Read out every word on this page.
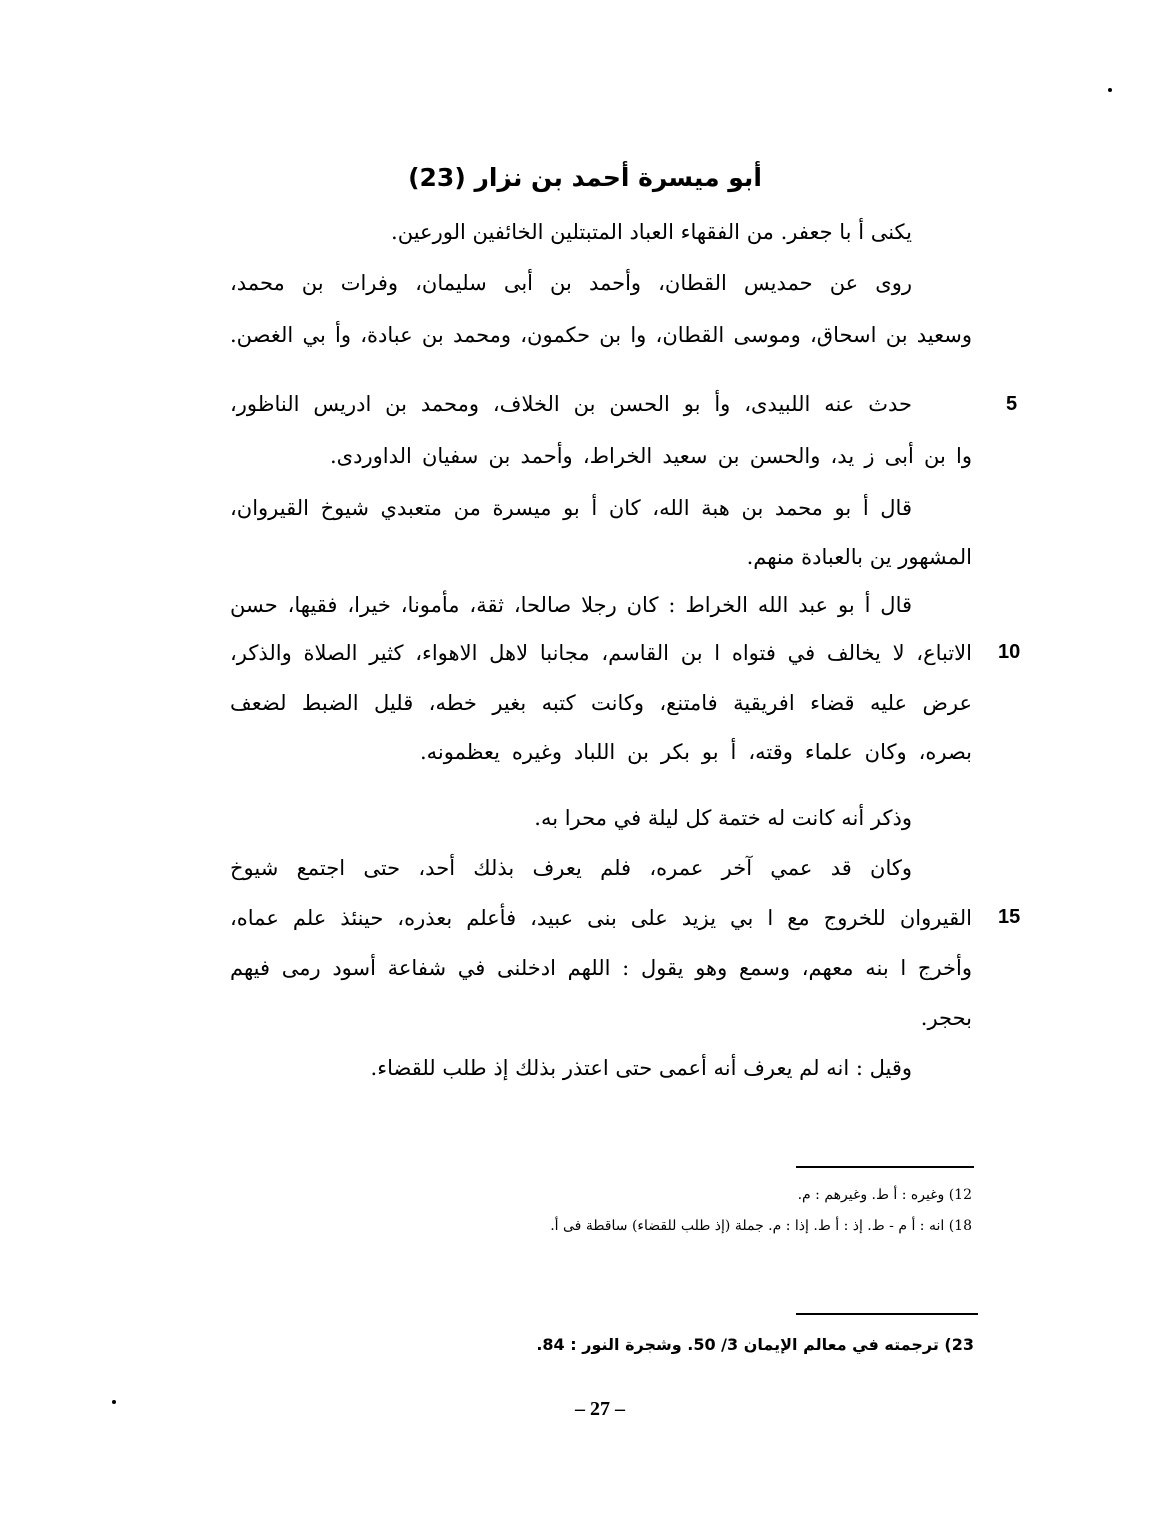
أبو ميسرة أحمد بن نزار (23)
يكنى أ با جعفر. من الفقهاء العباد المتبتلين الخائفين الورعين.
روى عن حمديس القطان، وأحمد بن أبى سليمان، وفرات بن محمد،
وسعيد بن اسحاق، وموسى القطان، وا بن حكمون، ومحمد بن عبادة، وأ بي الغصن.
حدث عنه اللبيدى، وأ بو الحسن بن الخلاف، ومحمد بن ادريس الناظور،
وا بن أبى ز يد، والحسن بن سعيد الخراط، وأحمد بن سفيان الداوردى.
قال أ بو محمد بن هبة الله، كان أ بو ميسرة من متعبدي شيوخ القيروان،
المشهور ين بالعبادة منهم.
قال أ بو عبد الله الخراط : كان رجلا صالحا، ثقة، مأمونا، خيرا، فقيها، حسن
الاتباع، لا يخالف في فتواه ا بن القاسم، مجانبا لاهل الاهواء، كثير الصلاة والذكر،
عرض عليه قضاء افريقية فامتنع، وكانت كتبه بغير خطه، قليل الضبط لضعف
بصره، وكان علماء وقته، أ بو بكر بن اللباد وغيره يعظمونه.
وذكر أنه كانت له ختمة كل ليلة في محرا به.
وكان قد عمي آخر عمره، فلم يعرف بذلك أحد، حتى اجتمع شيوخ
القيروان للخروج مع ا بي يزيد على بنى عبيد، فأعلم بعذره، حينئذ علم عماه،
وأخرج ا بنه معهم، وسمع وهو يقول : اللهم ادخلنى في شفاعة أسود رمى فيهم
بحجر.
وقيل : انه لم يعرف أنه أعمى حتى اعتذر بذلك إذ طلب للقضاء.
5
10
15
12) وغيره : أ ط. وغيرهم : م.
18) انه : أ م - ط. إذ : أ ط. إذا : م. جملة (إذ طلب للقضاء) ساقطة فى أ.
23) ترجمته في معالم الإيمان 3/ 50. وشجرة النور : 84.
– 27 –
